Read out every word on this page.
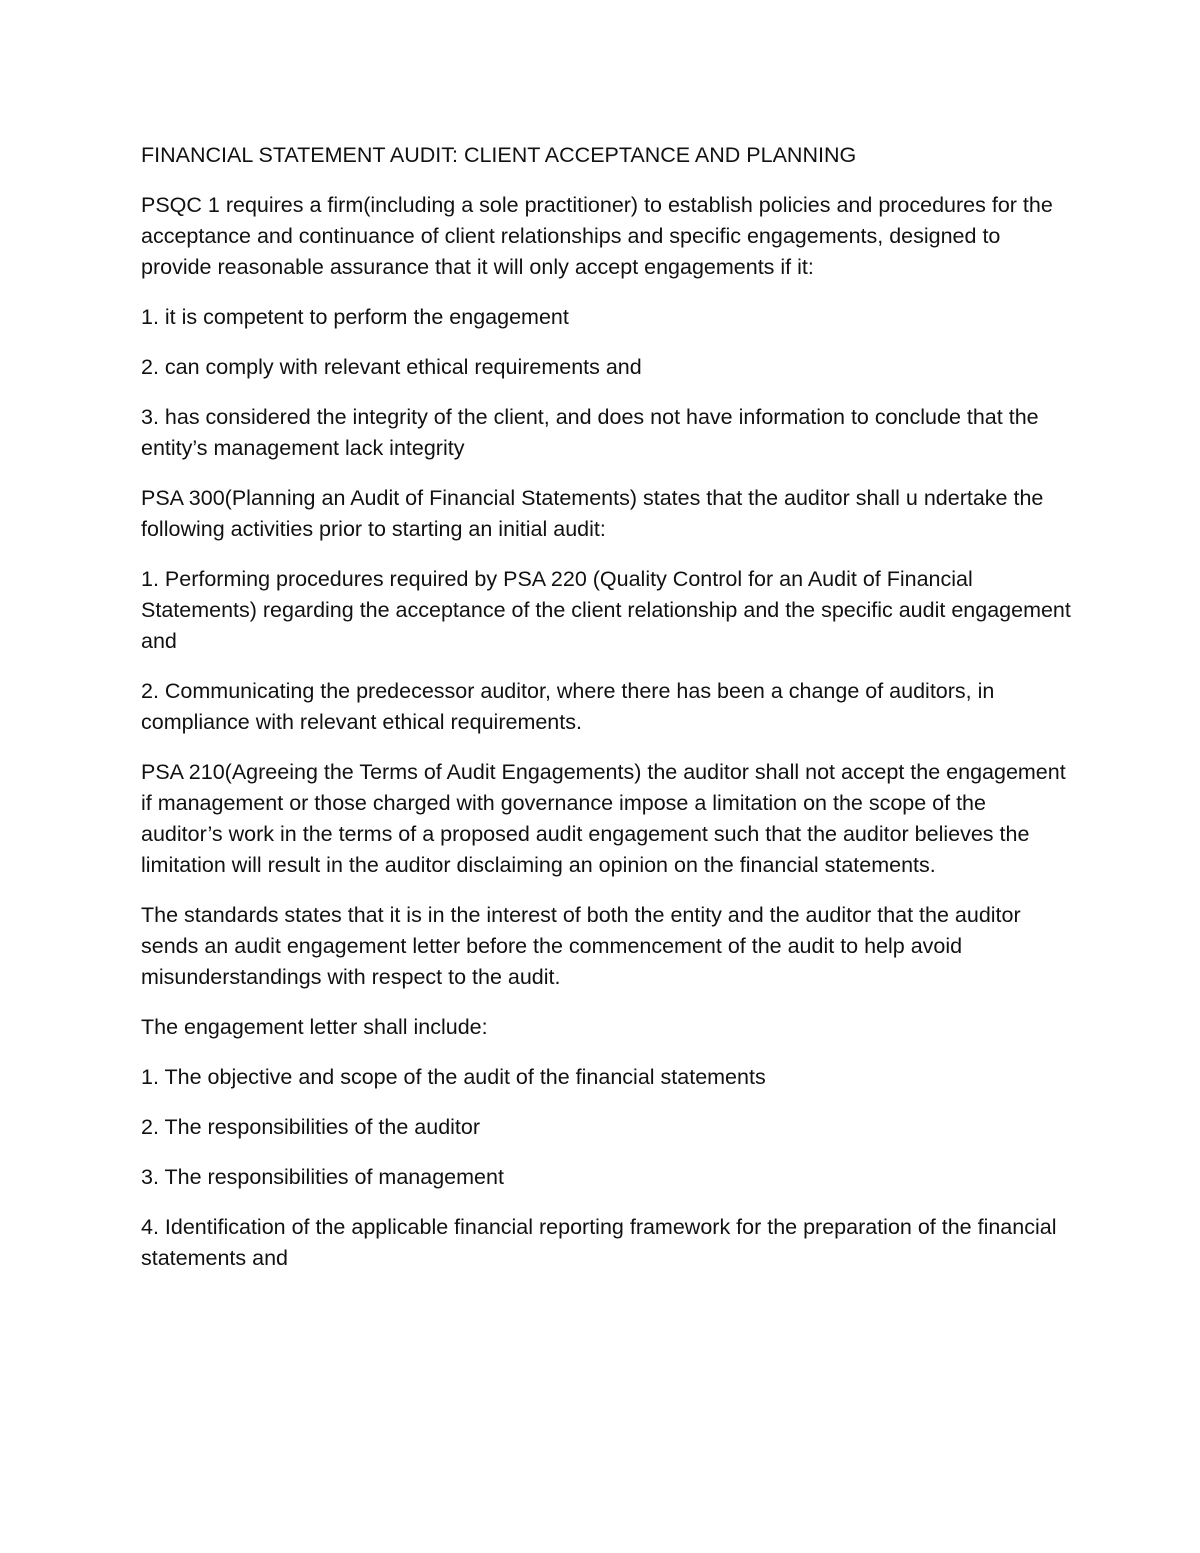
FINANCIAL STATEMENT AUDIT: CLIENT ACCEPTANCE AND PLANNING

PSQC 1 requires a firm(including a sole practitioner) to establish policies and procedures for the acceptance and continuance of client relationships and specific engagements, designed to provide reasonable assurance that it will only accept engagements if it:

1. it is competent to perform the engagement

2. can comply with relevant ethical requirements and

3. has considered the integrity of the client, and does not have information to conclude that the entity’s management lack integrity

PSA 300(Planning an Audit of Financial Statements) states that the auditor shall u ndertake the following activities prior to starting an initial audit:

1. Performing procedures required by PSA 220 (Quality Control for an Audit of Financial Statements) regarding the acceptance of the client relationship and the specific audit engagement and

2. Communicating the predecessor auditor, where there has been a change of auditors, in compliance with relevant ethical requirements.

PSA 210(Agreeing the Terms of Audit Engagements) the auditor shall not accept the engagement if management or those charged with governance impose a limitation on the scope of the auditor’s work in the terms of a proposed audit engagement such that the auditor believes the limitation will result in the auditor disclaiming an opinion on the financial statements.

The standards states that it is in the interest of both the entity and the auditor that the auditor sends an audit engagement letter before the commencement of the audit to help avoid misunderstandings with respect to the audit.

The engagement letter shall include:

1. The objective and scope of the audit of the financial statements

2. The responsibilities of the auditor

3. The responsibilities of management

4. Identification of the applicable financial reporting framework for the preparation of the financial statements and
